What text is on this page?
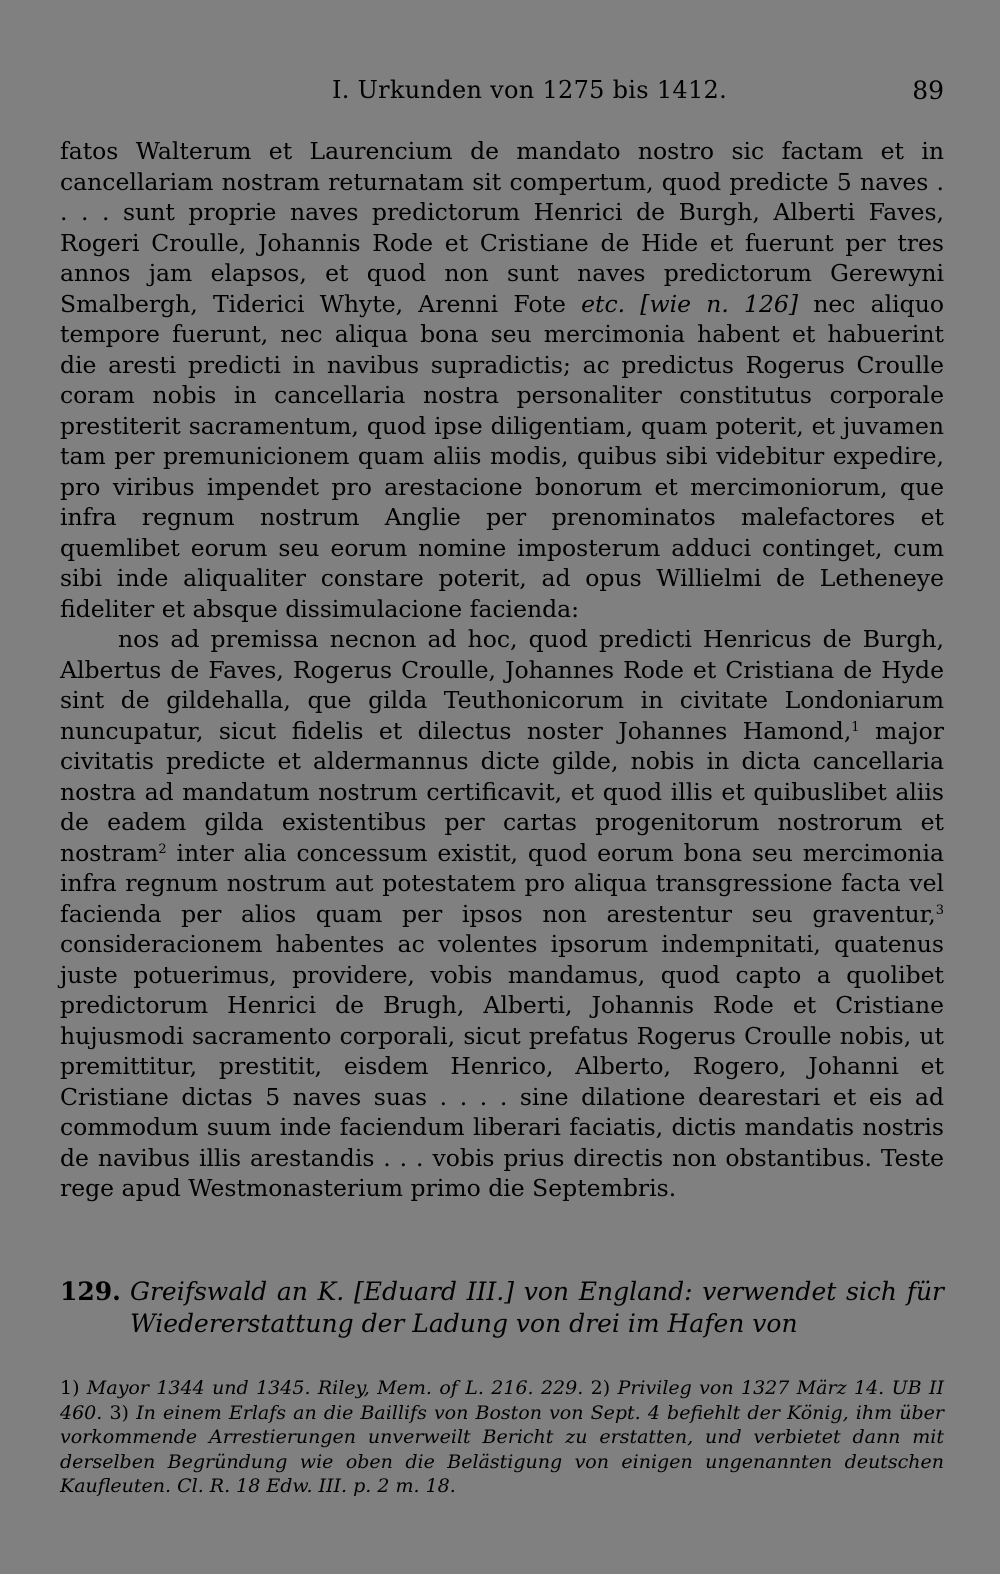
I. Urkunden von 1275 bis 1412.	89

fatos Walterum et Laurencium de mandato nostro sic factam et in cancellariam nostram returnatam sit compertum, quod predicte 5 naves . . . . sunt proprie naves predictorum Henrici de Burgh, Alberti Faves, Rogeri Croulle, Johannis Rode et Cristiane de Hide et fuerunt per tres annos jam elapsos, et quod non sunt naves predictorum Gerewyni Smalbergh, Tiderici Whyte, Arenni Fote etc. [wie n. 126] nec aliquo tempore fuerunt, nec aliqua bona seu mercimonia habent et habuerint die aresti predicti in navibus supradictis; ac predictus Rogerus Croulle coram nobis in cancellaria nostra personaliter constitutus corporale prestiterit sacramentum, quod ipse diligentiam, quam poterit, et juvamen tam per premunicionem quam aliis modis, quibus sibi videbitur expedire, pro viribus impendet pro arestacione bonorum et mercimoniorum, que infra regnum nostrum Anglie per prenominatos malefactores et quemlibet eorum seu eorum nomine imposterum adduci continget, cum sibi inde aliqualiter constare poterit, ad opus Willielmi de Letheneye fideliter et absque dissimulacione facienda:

nos ad premissa necnon ad hoc, quod predicti Henricus de Burgh, Albertus de Faves, Rogerus Croulle, Johannes Rode et Cristiana de Hyde sint de gildehalla, que gilda Teuthonicorum in civitate Londoniarum nuncupatur, sicut fidelis et dilectus noster Johannes Hamond,$^1$ major civitatis predicte et aldermannus dicte gilde, nobis in dicta cancellaria nostra ad mandatum nostrum certificavit, et quod illis et quibuslibet aliis de eadem gilda existentibus per cartas progenitorum nostrorum et nostram$^2$ inter alia concessum existit, quod eorum bona seu mercimonia infra regnum nostrum aut potestatem pro aliqua transgressione facta vel facienda per alios quam per ipsos non arestentur seu graventur,$^3$ consideracionem habentes ac volentes ipsorum indempnitati, quatenus juste potuerimus, providere, vobis mandamus, quod capto a quolibet predictorum Henrici de Brugh, Alberti, Johannis Rode et Cristiane hujusmodi sacramento corporali, sicut prefatus Rogerus Croulle nobis, ut premittitur, prestitit, eisdem Henrico, Alberto, Rogero, Johanni et Cristiane dictas 5 naves suas . . . . sine dilatione dearestari et eis ad commodum suum inde faciendum liberari faciatis, dictis mandatis nostris de navibus illis arestandis . . . vobis prius directis non obstantibus. Teste rege apud Westmonasterium primo die Septembris.

129. Greifswald an K. [Eduard III.] von England: verwendet sich für Wiedererstattung der Ladung von drei im Hafen von
1) Mayor 1344 und 1345. Riley, Mem. of L. 216. 229. 2) Privileg von 1327 März 14. UB II 460. 3) In einem Erlafs an die Baillifs von Boston von Sept. 4 befiehlt der König, ihm über vorkommende Arrestierungen unverweilt Bericht zu erstatten, und verbietet dann mit derselben Begründung wie oben die Belästigung von einigen ungenannten deutschen Kaufleuten. Cl. R. 18 Edw. III. p. 2 m. 18.
